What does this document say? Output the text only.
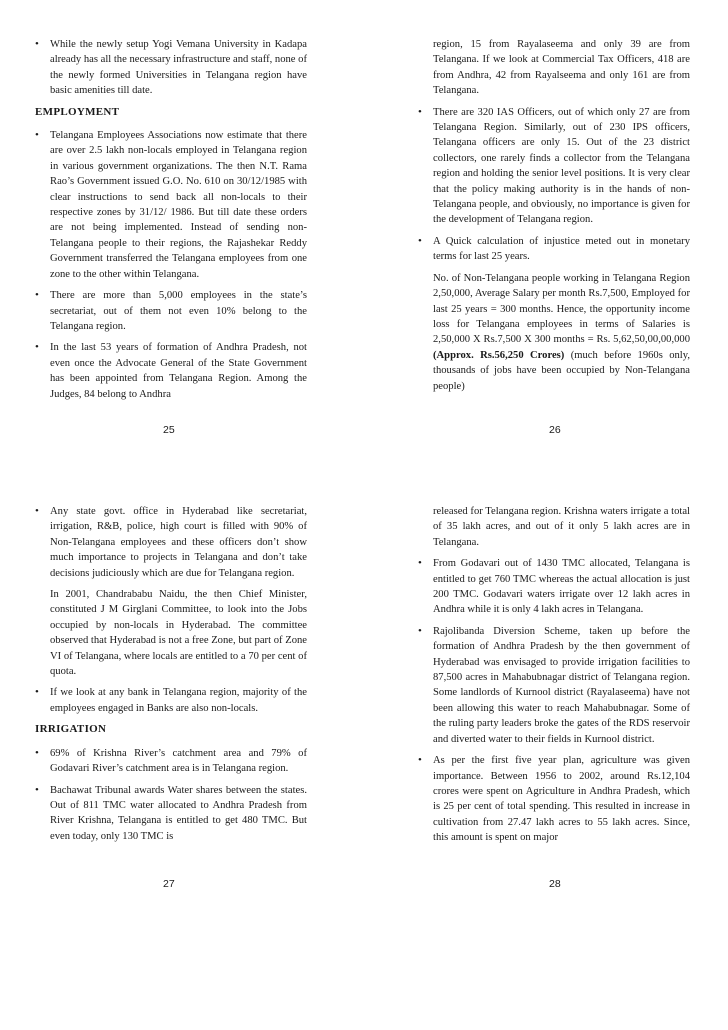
• While the newly setup Yogi Vemana University in Kadapa already has all the necessary infrastructure and staff, none of the newly formed Universities in Telangana region have basic amenities till date.

EMPLOYMENT

• Telangana Employees Associations now estimate that there are over 2.5 lakh non-locals employed in Telangana region in various government organizations. The then N.T. Rama Rao’s Government issued G.O. No. 610 on 30/12/1985 with clear instructions to send back all non-locals to their respective zones by 31/12/ 1986. But till date these orders are not being implemented. Instead of sending non-Telangana people to their regions, the Rajashekar Reddy Government transferred the Telangana employees from one zone to the other within Telangana.

• There are more than 5,000 employees in the state’s secretariat, out of them not even 10% belong to the Telangana region.

• In the last 53 years of formation of Andhra Pradesh, not even once the Advocate General of the State Government has been appointed from Telangana Region. Among the Judges, 84 belong to Andhra

25

region, 15 from Rayalaseema and only 39 are from Telangana. If we look at Commercial Tax Officers, 418 are from Andhra, 42 from Rayalseema and only 161 are from Telangana.

• There are 320 IAS Officers, out of which only 27 are from Telangana Region. Similarly, out of 230 IPS officers, Telangana officers are only 15. Out of the 23 district collectors, one rarely finds a collector from the Telangana region and holding the senior level positions. It is very clear that the policy making authority is in the hands of non-Telangana people, and obviously, no importance is given for the development of Telangana region.

• A Quick calculation of injustice meted out in monetary terms for last 25 years.

No. of Non-Telangana people working in Telangana Region 2,50,000, Average Salary per month Rs.7,500, Employed for last 25 years = 300 months. Hence, the opportunity income loss for Telangana employees in terms of Salaries is 2,50,000 X Rs.7,500 X 300 months = Rs. 5,62,50,00,00,000 (Approx. Rs.56,250 Crores) (much before 1960s only, thousands of jobs have been occupied by Non-Telangana people)

26

• Any state govt. office in Hyderabad like secretariat, irrigation, R&B, police, high court is filled with 90% of Non-Telangana employees and these officers don’t show much importance to projects in Telangana and don’t take decisions judiciously which are due for Telangana region.

In 2001, Chandrababu Naidu, the then Chief Minister, constituted J M Girglani Committee, to look into the Jobs occupied by non-locals in Hyderabad. The committee observed that Hyderabad is not a free Zone, but part of Zone VI of Telangana, where locals are entitled to a 70 per cent of quota.

• If we look at any bank in Telangana region, majority of the employees engaged in Banks are also non-locals.

IRRIGATION

• 69% of Krishna River’s catchment area and 79% of Godavari River’s catchment area is in Telangana region.

• Bachawat Tribunal awards Water shares between the states. Out of 811 TMC water allocated to Andhra Pradesh from River Krishna, Telangana is entitled to get 480 TMC. But even today, only 130 TMC is

27

released for Telangana region. Krishna waters irrigate a total of 35 lakh acres, and out of it only 5 lakh acres are in Telangana.

• From Godavari out of 1430 TMC allocated, Telangana is entitled to get 760 TMC whereas the actual allocation is just 200 TMC. Godavari waters irrigate over 12 lakh acres in Andhra while it is only 4 lakh acres in Telangana.

• Rajolibanda Diversion Scheme, taken up before the formation of Andhra Pradesh by the then government of Hyderabad was envisaged to provide irrigation facilities to 87,500 acres in Mahabubnagar district of Telangana region. Some landlords of Kurnool district (Rayalaseema) have not been allowing this water to reach Mahabubnagar. Some of the ruling party leaders broke the gates of the RDS reservoir and diverted water to their fields in Kurnool district.

• As per the first five year plan, agriculture was given importance. Between 1956 to 2002, around Rs.12,104 crores were spent on Agriculture in Andhra Pradesh, which is 25 per cent of total spending. This resulted in increase in cultivation from 27.47 lakh acres to 55 lakh acres. Since, this amount is spent on major

28
